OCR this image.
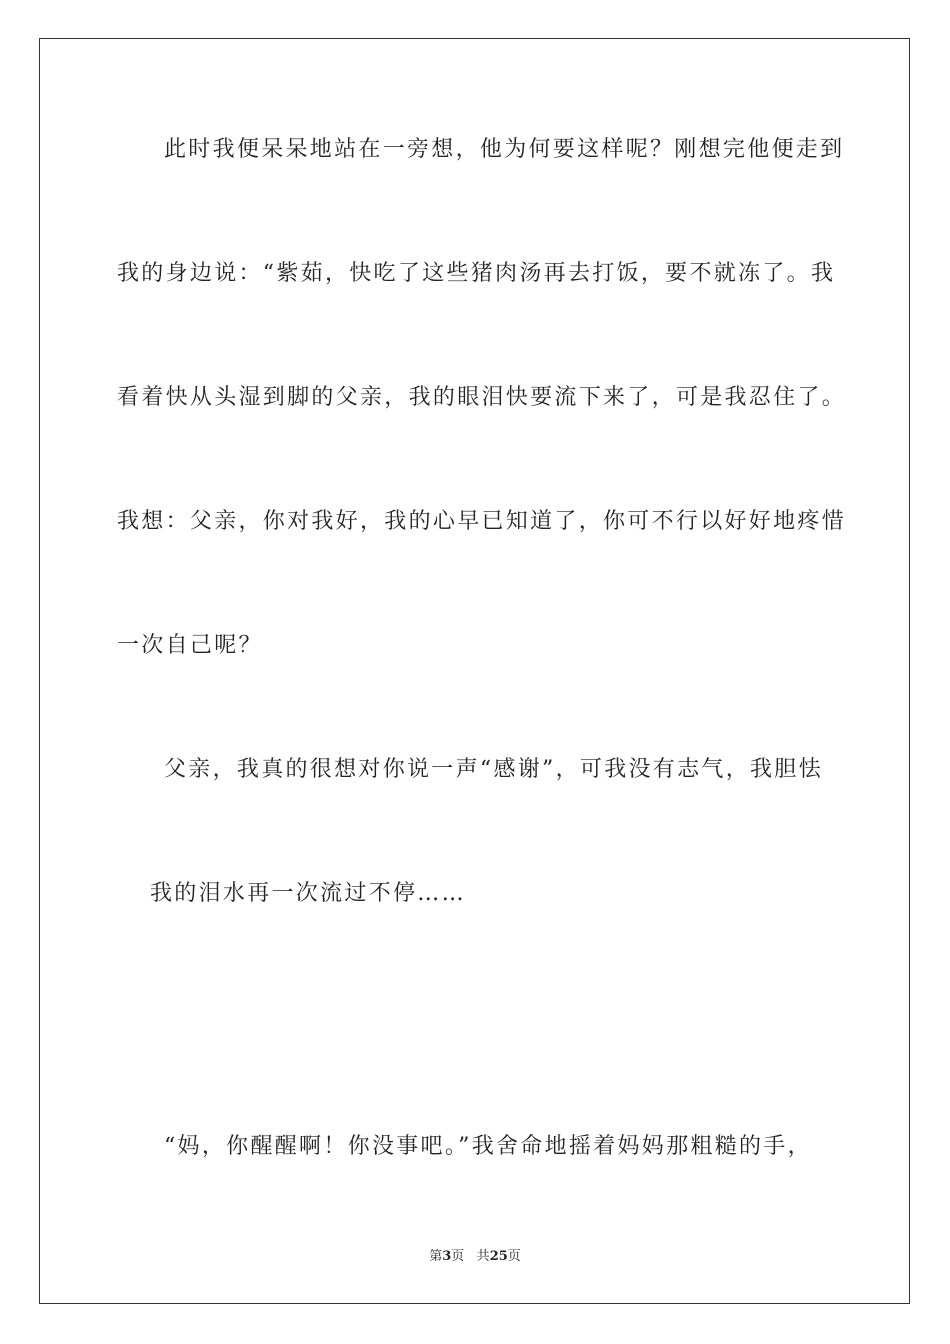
此时我便呆呆地站在一旁想，他为何要这样呢？刚想完他便走到
我的身边说：“紫茹，快吃了这些猪肉汤再去打饭，要不就冻了。我
看着快从头湿到脚的父亲，我的眼泪快要流下来了，可是我忍住了。
我想：父亲，你对我好，我的心早已知道了，你可不行以好好地疼惜
一次自己呢？
父亲，我真的很想对你说一声“感谢”，可我没有志气，我胆怯
我的泪水再一次流过不停……
“妈，你醒醒啊！你没事吧。”我舍命地摇着妈妈那粗糙的手，
第3页 共25页
